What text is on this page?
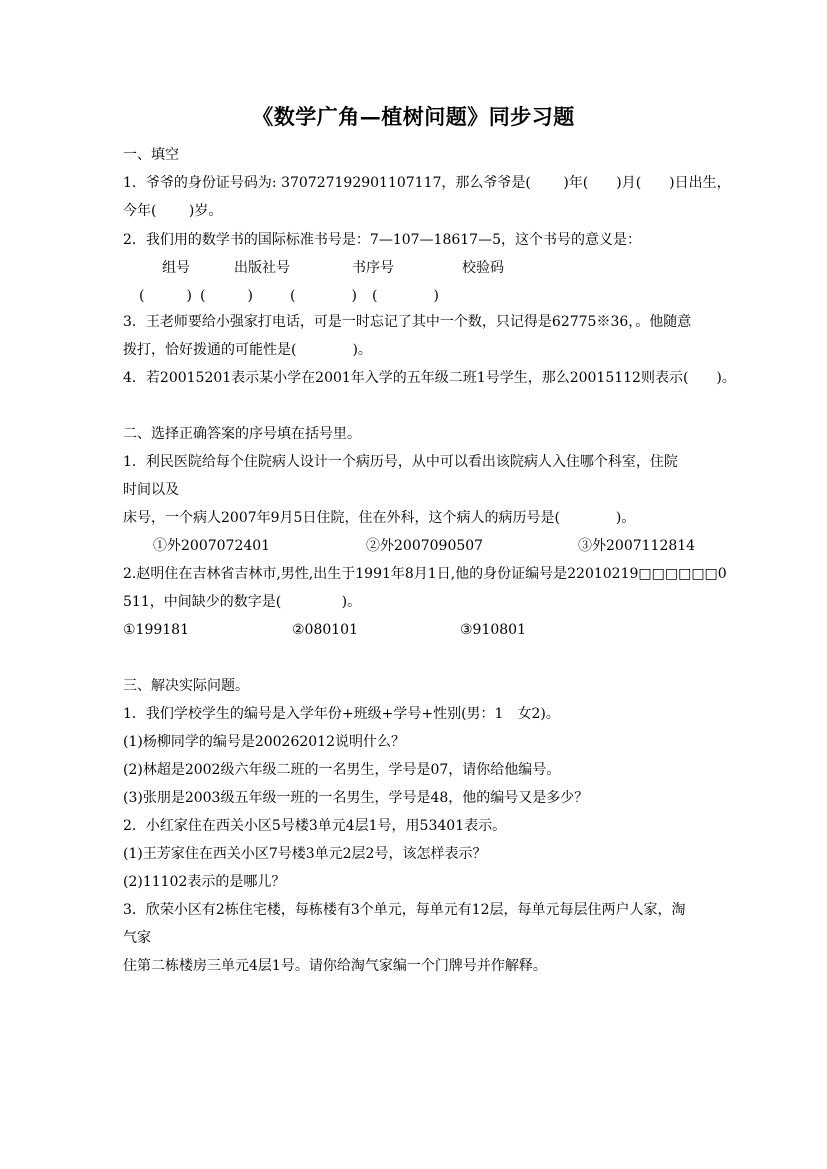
《数学广角—植树问题》同步习题
一、填空
1．爷爷的身份证号码为: 370727192901107117，那么爷爷是(　　 )年(　　)月(　　)日出生，
今年(　　 )岁。
2．我们用的数学书的国际标准书号是：7—107—18617—5，这个书号的意义是：
组号	出版社号	书序号	校验码
(　　　) (　　　)	(　　　　) (　　　　)
3．王老师要给小强家打电话，可是一时忘记了其中一个数，只记得是62775※36，。他随意
拨打，恰好拨通的可能性是(　　　　)。
4．若20015201表示某小学在2001年入学的五年级二班1号学生，那么20015112则表示(　　)。
二、选择正确答案的序号填在括号里。
1．利民医院给每个住院病人设计一个病历号，从中可以看出该院病人入住哪个科室，住院
时间以及
床号，一个病人2007年9月5日住院，住在外科，这个病人的病历号是(　　　　)。
①外2007072401	②外2007090507	③外2007112814
2.赵明住在吉林省吉林市,男性,出生于1991年8月1日,他的身份证编号是22010219□□□□□□0
511，中间缺少的数字是(　　　　 )。
①199181	②080101	③910801
三、解决实际问题。
1．我们学校学生的编号是入学年份+班级+学号+性别(男：1　女2)。
(1)杨柳同学的编号是200262012说明什么？
(2)林超是2002级六年级二班的一名男生，学号是07，请你给他编号。
(3)张朋是2003级五年级一班的一名男生，学号是48，他的编号又是多少？
2．小红家住在西关小区5号楼3单元4层1号，用53401表示。
(1)王芳家住在西关小区7号楼3单元2层2号，该怎样表示？
(2)11102表示的是哪儿？
3．欣荣小区有2栋住宅楼，每栋楼有3个单元，每单元有12层，每单元每层住两户人家，淘
气家
住第二栋楼房三单元4层1号。请你给淘气家编一个门牌号并作解释。
